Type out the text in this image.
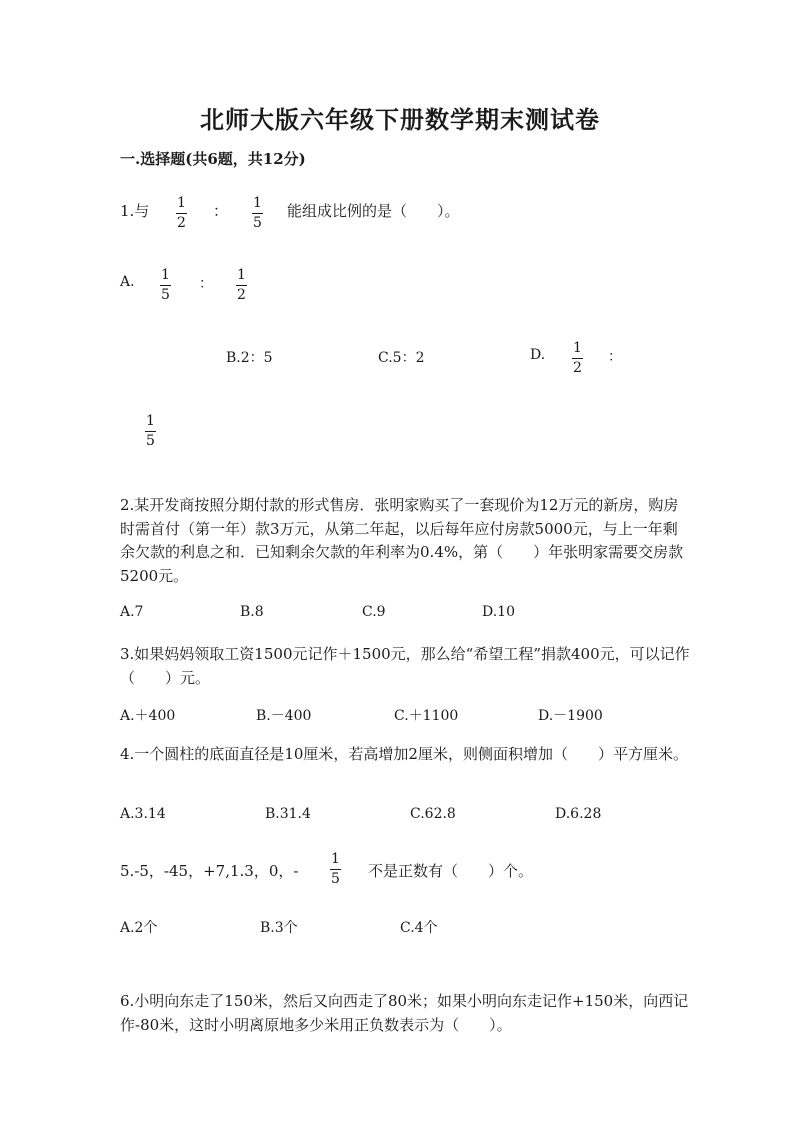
北师大版六年级下册数学期末测试卷
一.选择题(共6题，共12分)
1.与 1
2
： 1
5
能组成比例的是（　　）。
A. 1
5
：
1
2
B.2：5	C.5：2	D. 1
2
：
1
5
2.某开发商按照分期付款的形式售房．张明家购买了一套现价为12万元的新房，购房时需首付（第一年）款3万元，从第二年起，以后每年应付房款5000元，与上一年剩余欠款的利息之和．已知剩余欠款的年利率为0.4%，第（　　）年张明家需要交房款5200元。
A.7	B.8	C.9	D.10
3.如果妈妈领取工资1500元记作＋1500元，那么给“希望工程”捐款400元，可以记作（　　）元。
A.＋400	B.－400	C.＋1100	D.－1900
4.一个圆柱的底面直径是10厘米，若高增加2厘米，则侧面积增加（　　）平方厘米。
A.3.14	B.31.4	C.62.8	D.6.28
5.-5，-45，+7,1.3，0，-
1
5 不是正数有（　　）个。
A.2个	B.3个	C.4个
6.小明向东走了150米，然后又向西走了80米；如果小明向东走记作+150米，向西记作-80米，这时小明离原地多少米用正负数表示为（　　）。
